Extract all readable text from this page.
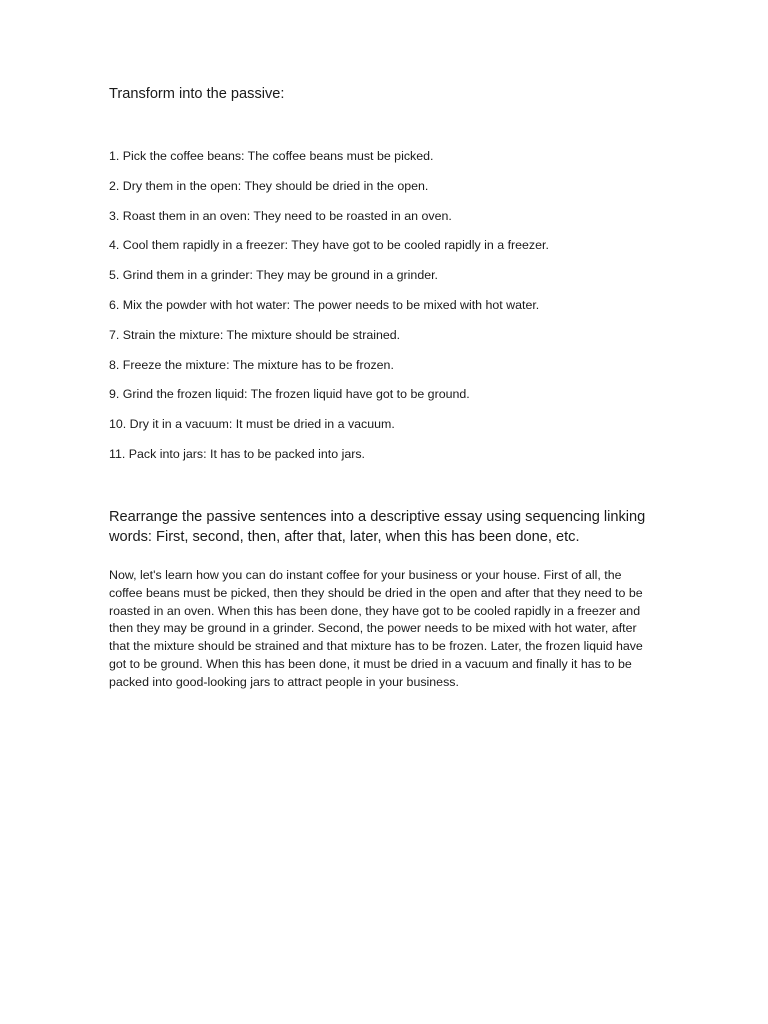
Transform into the passive:
1. Pick the coffee beans: The coffee beans must be picked.
2. Dry them in the open: They should be dried in the open.
3. Roast them in an oven: They need to be roasted in an oven.
4. Cool them rapidly in a freezer: They have got to be cooled rapidly in a freezer.
5. Grind them in a grinder: They may be ground in a grinder.
6. Mix the powder with hot water: The power needs to be mixed with hot water.
7. Strain the mixture: The mixture should be strained.
8. Freeze the mixture: The mixture has to be frozen.
9. Grind the frozen liquid: The frozen liquid have got to be ground.
10. Dry it in a vacuum: It must be dried in a vacuum.
11. Pack into jars: It has to be packed into jars.
Rearrange the passive sentences into a descriptive essay using sequencing linking words: First, second, then, after that, later, when this has been done, etc.

Now, let's learn how you can do instant coffee for your business or your house. First of all, the coffee beans must be picked, then they should be dried in the open and after that they need to be roasted in an oven. When this has been done, they have got to be cooled rapidly in a freezer and then they may be ground in a grinder. Second, the power needs to be mixed with hot water, after that the mixture should be strained and that mixture has to be frozen. Later, the frozen liquid have got to be ground. When this has been done, it must be dried in a vacuum and finally it has to be packed into good-looking jars to attract people in your business.
